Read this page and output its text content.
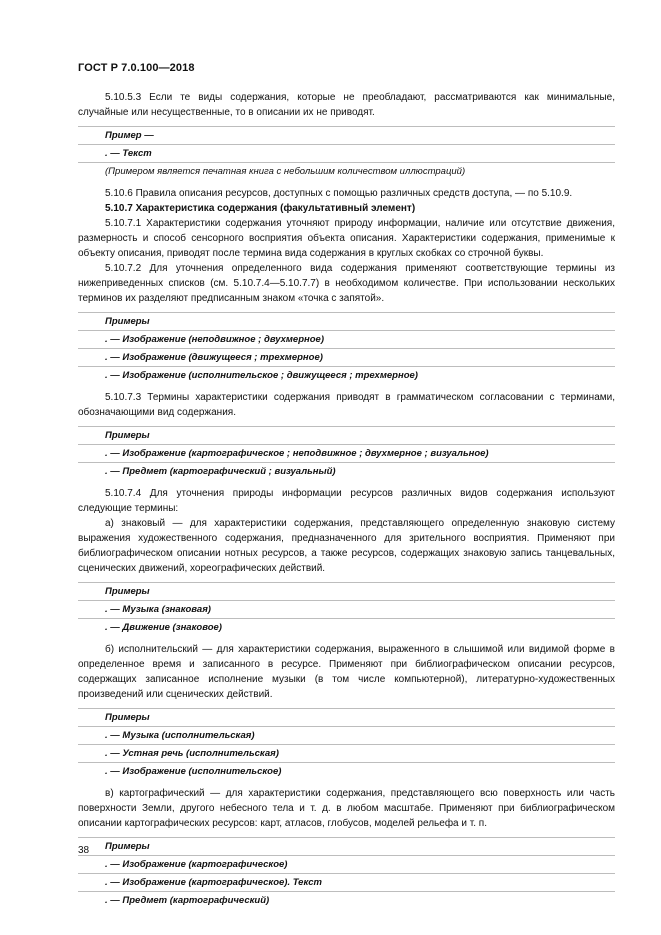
ГОСТ Р 7.0.100—2018

5.10.5.3 Если те виды содержания, которые не преобладают, рассматриваются как минимальные, случайные или несущественные, то в описании их не приводят.

Пример —

. — Текст

(Примером является печатная книга с небольшим количеством иллюстраций)

5.10.6 Правила описания ресурсов, доступных с помощью различных средств доступа, — по 5.10.9.

5.10.7 Характеристика содержания (факультативный элемент)

5.10.7.1 Характеристики содержания уточняют природу информации, наличие или отсутствие движения, размерность и способ сенсорного восприятия объекта описания. Характеристики содержания, применимые к объекту описания, приводят после термина вида содержания в круглых скобках со строчной буквы.

5.10.7.2 Для уточнения определенного вида содержания применяют соответствующие термины из нижеприведенных списков (см. 5.10.7.4—5.10.7.7) в необходимом количестве. При использовании нескольких терминов их разделяют предписанным знаком «точка с запятой».

Примеры

. — Изображение (неподвижное ; двухмерное)

. — Изображение (движущееся ; трехмерное)

. — Изображение (исполнительское ; движущееся ; трехмерное)

5.10.7.3 Термины характеристики содержания приводят в грамматическом согласовании с терминами, обозначающими вид содержания.

Примеры

. — Изображение (картографическое ; неподвижное ; двухмерное ; визуальное)

. — Предмет (картографический ; визуальный)

5.10.7.4 Для уточнения природы информации ресурсов различных видов содержания используют следующие термины:

а) знаковый — для характеристики содержания, представляющего определенную знаковую систему выражения художественного содержания, предназначенного для зрительного восприятия. Применяют при библиографическом описании нотных ресурсов, а также ресурсов, содержащих знаковую запись танцевальных, сценических движений, хореографических действий.

Примеры

. — Музыка (знаковая)

. — Движение (знаковое)

б) исполнительский — для характеристики содержания, выраженного в слышимой или видимой форме в определенное время и записанного в ресурсе. Применяют при библиографическом описании ресурсов, содержащих записанное исполнение музыки (в том числе компьютерной), литературно-художественных произведений или сценических действий.

Примеры

. — Музыка (исполнительская)

. — Устная речь (исполнительская)

. — Изображение (исполнительское)

в) картографический — для характеристики содержания, представляющего всю поверхность или часть поверхности Земли, другого небесного тела и т. д. в любом масштабе. Применяют при библиографическом описании картографических ресурсов: карт, атласов, глобусов, моделей рельефа и т. п.

Примеры

. — Изображение (картографическое)

. — Изображение (картографическое). Текст

. — Предмет (картографический)

38
